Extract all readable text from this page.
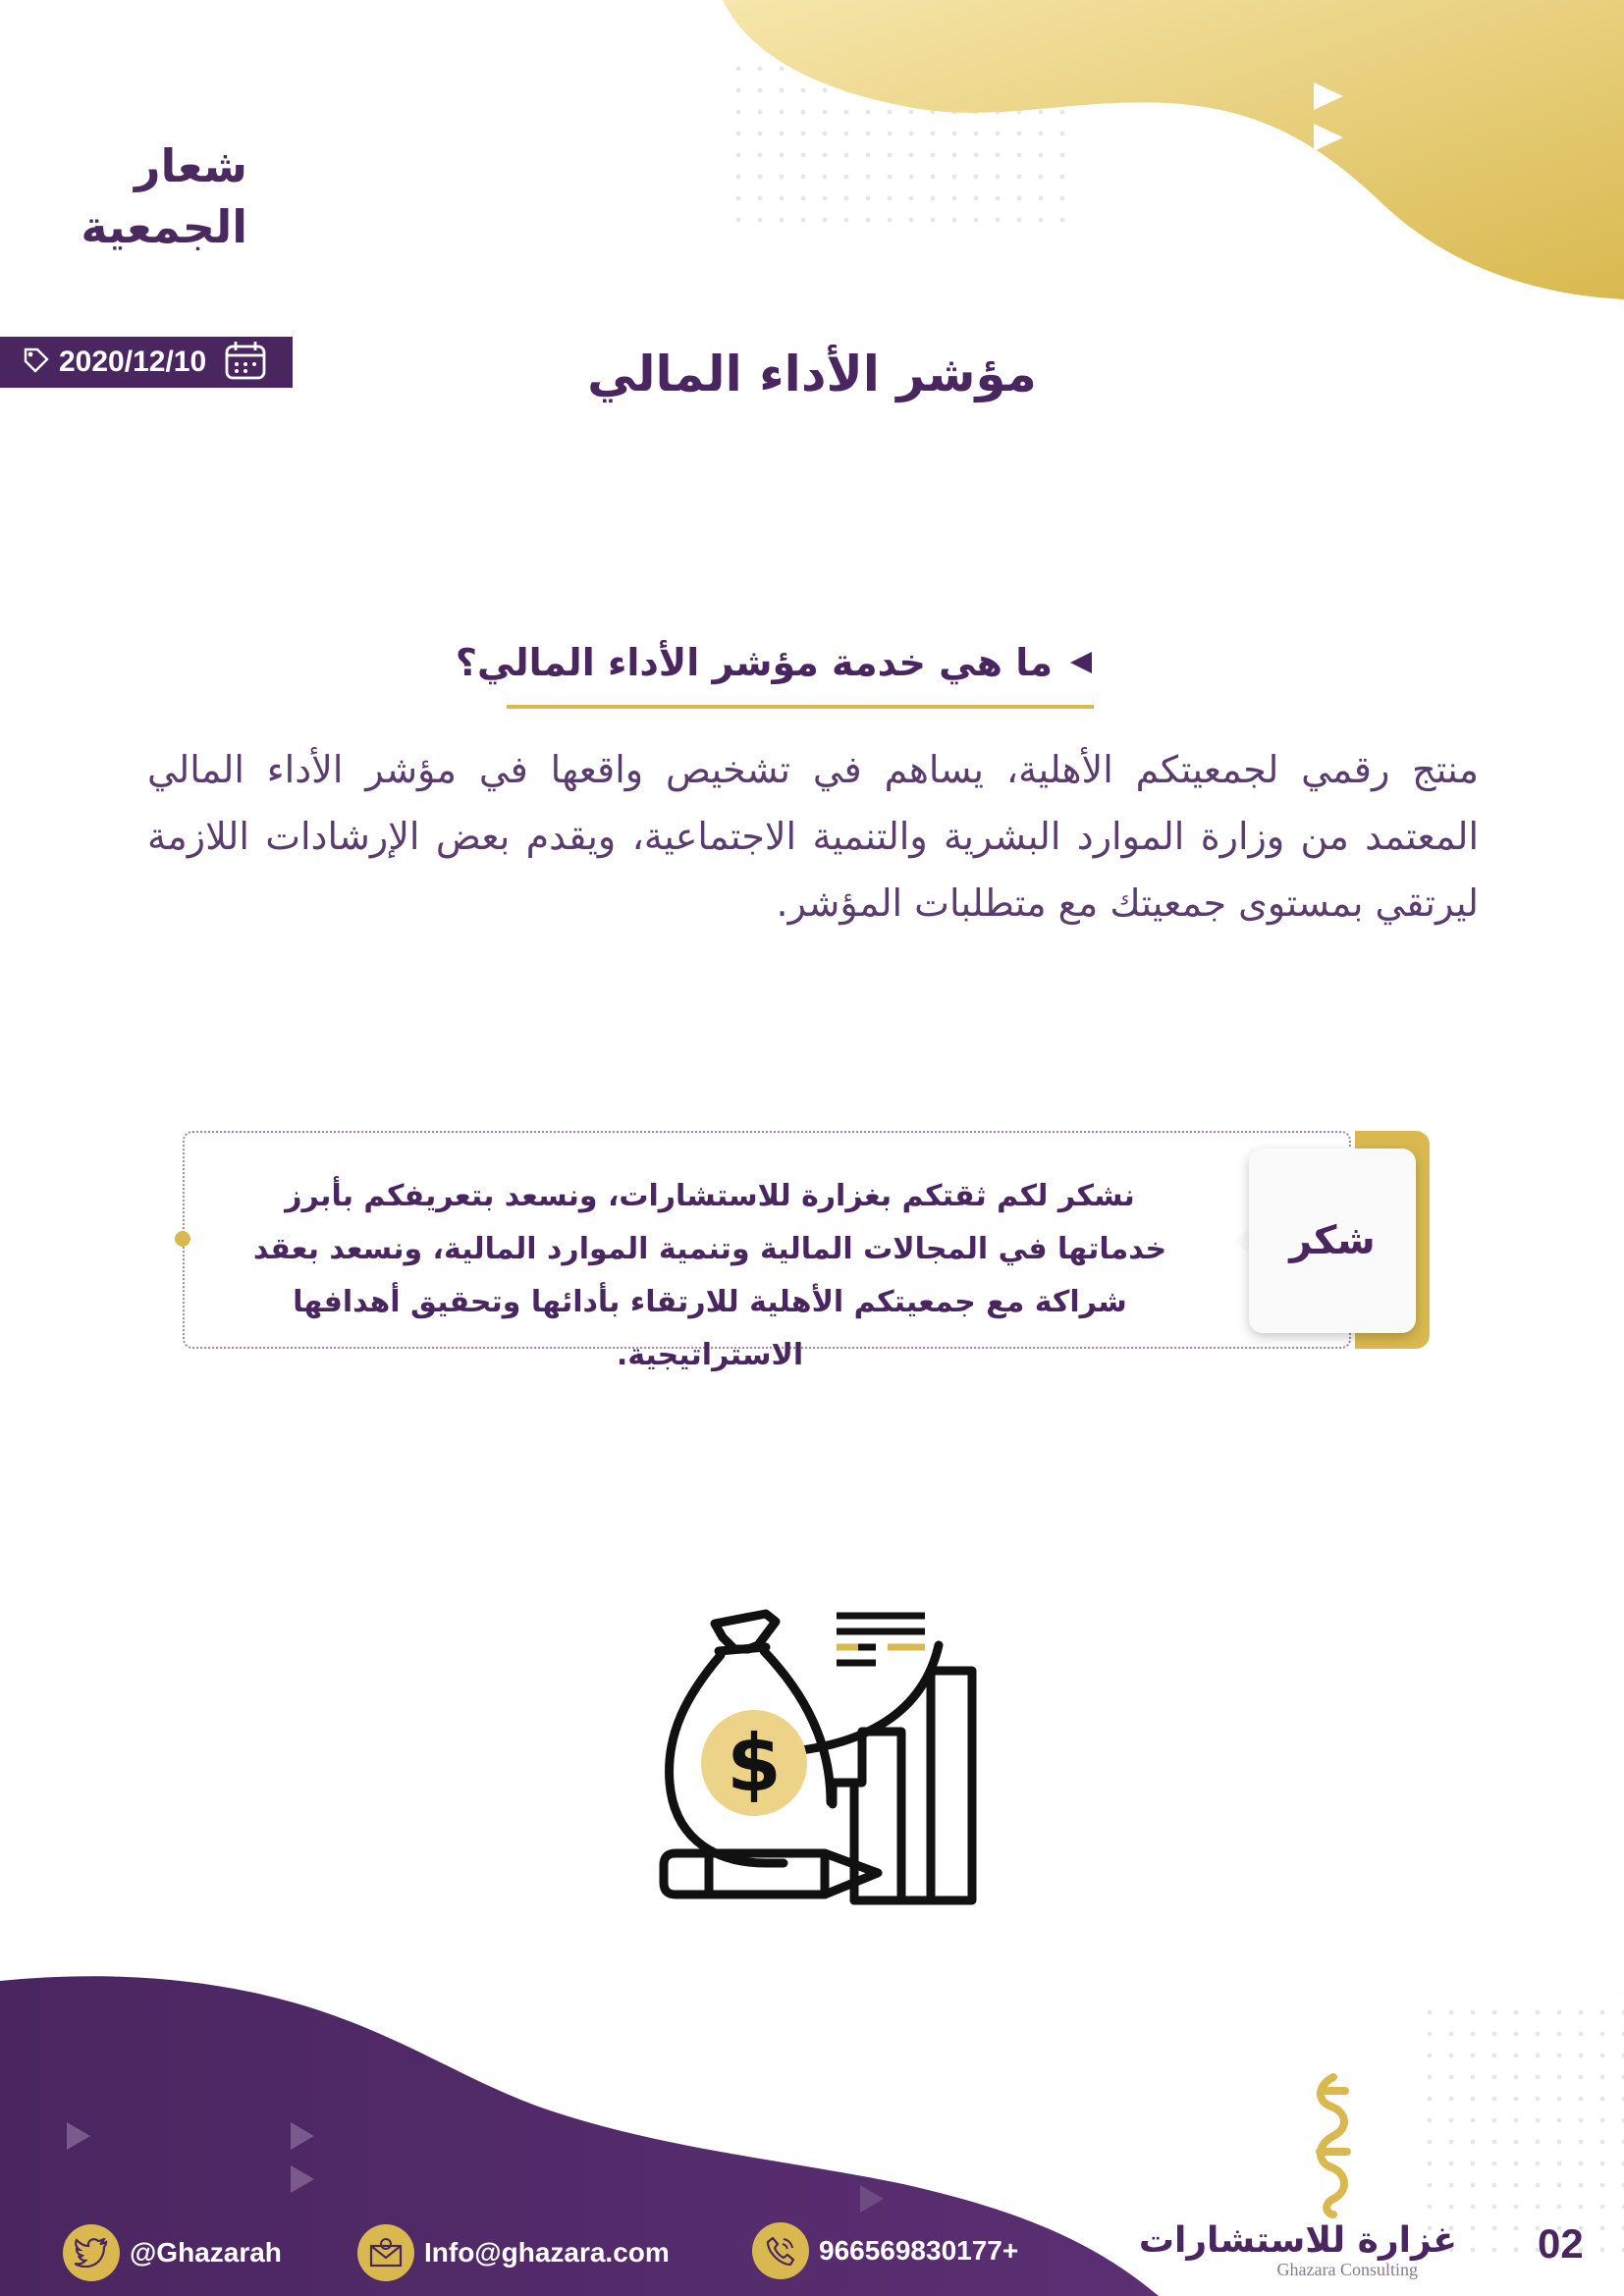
شعار الجمعية
2020/12/10	مؤشر الأداء المالي
ما هي خدمة مؤشر الأداء المالي؟
منتج رقمي لجمعيتكم الأهلية، يساهم في تشخيص واقعها في مؤشر الأداء المالي المعتمد من وزارة الموارد البشرية والتنمية الاجتماعية، ويقدم بعض الإرشادات اللازمة ليرتقي بمستوى جمعيتك مع متطلبات المؤشر.
نشكر لكم ثقتكم بغزارة للاستشارات، ونسعد بتعريفكم بأبرز خدماتها في المجالات المالية وتنمية الموارد المالية، ونسعد بعقد شراكة مع جمعيتكم الأهلية للارتقاء بأدائها وتحقيق أهدافها الاستراتيجية.
شكر
$
@Ghazarah	Info@ghazara.com	966569830177+	غزارة للاستشارات
Ghazara Consulting
02
